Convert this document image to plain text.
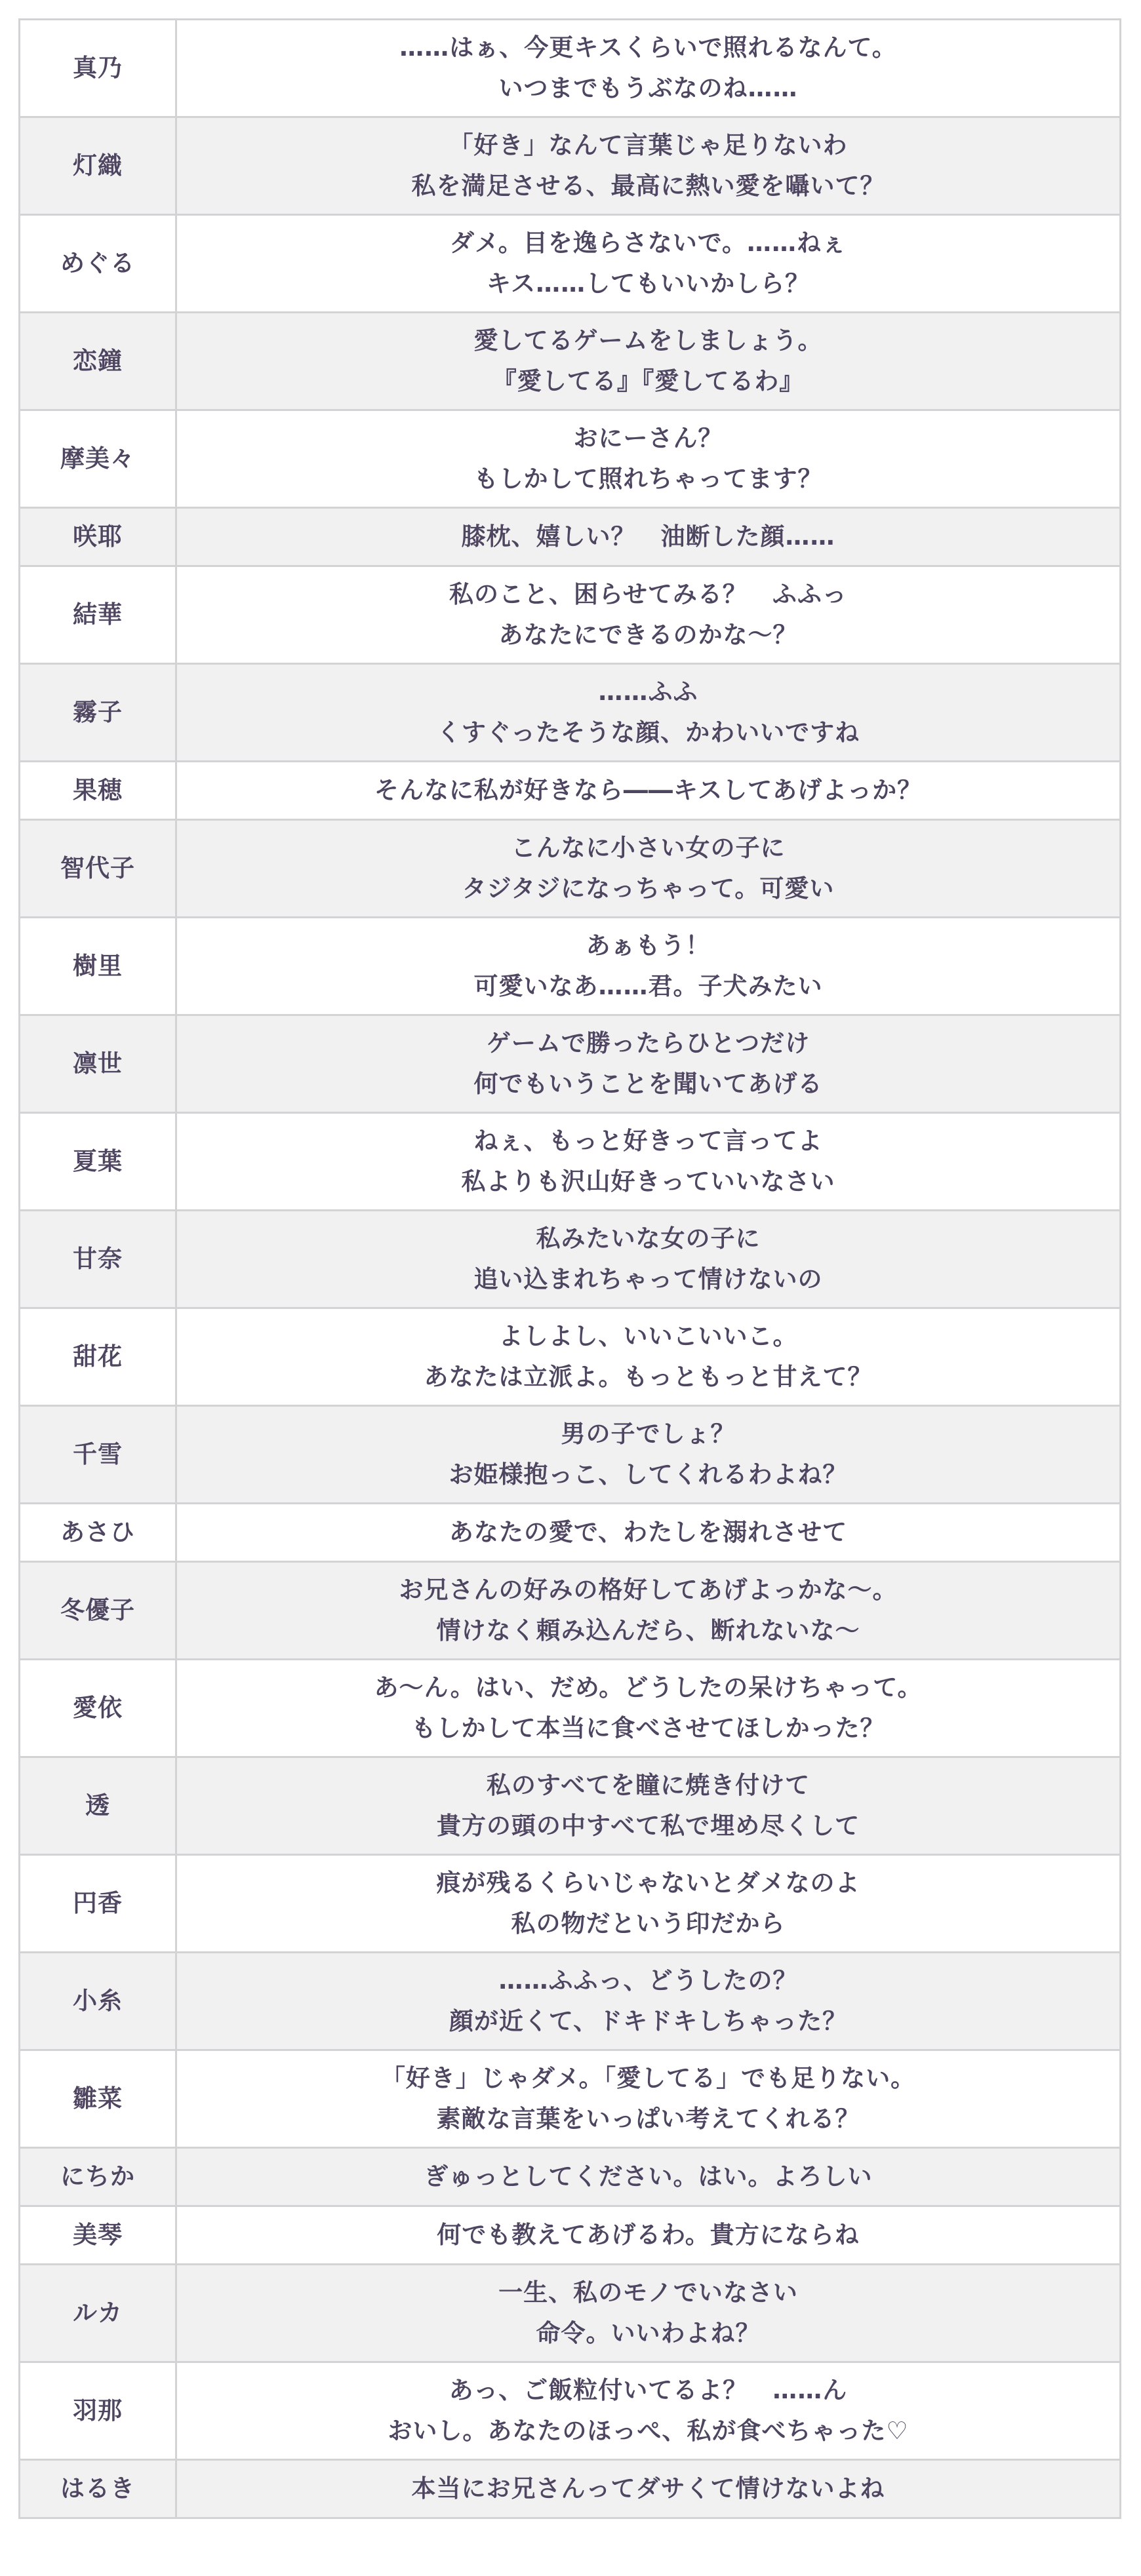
真乃	……はぁ、今更キスくらいで照れるなんて。
いつまでもうぶなのね……

灯織	「好き」なんて言葉じゃ足りないわ
私を満足させる、最高に熱い愛を囁いて？

めぐる	ダメ。目を逸らさないで。……ねぇ
キス……してもいいかしら？

恋鐘	愛してるゲームをしましょう。
『愛してる』『愛してるわ』

摩美々	おにーさん？
もしかして照れちゃってます？

咲耶	膝枕、嬉しい？　油断した顔……

結華	私のこと、困らせてみる？　ふふっ
あなたにできるのかな～？

霧子	……ふふ
くすぐったそうな顔、かわいいですね

果穂	そんなに私が好きなら――キスしてあげよっか？

智代子	こんなに小さい女の子に
タジタジになっちゃって。可愛い

樹里	あぁもう！
可愛いなあ……君。子犬みたい

凛世	ゲームで勝ったらひとつだけ
何でもいうことを聞いてあげる

夏葉	ねぇ、もっと好きって言ってよ
私よりも沢山好きっていいなさい

甘奈	私みたいな女の子に
追い込まれちゃって情けないの

甜花	よしよし、いいこいいこ。
あなたは立派よ。もっともっと甘えて？

千雪	男の子でしょ？
お姫様抱っこ、してくれるわよね？

あさひ	あなたの愛で、わたしを溺れさせて

冬優子	お兄さんの好みの格好してあげよっかな～。
情けなく頼み込んだら、断れないな～

愛依	あ～ん。はい、だめ。どうしたの呆けちゃって。
もしかして本当に食べさせてほしかった？

透	私のすべてを瞳に焼き付けて
貴方の頭の中すべて私で埋め尽くして

円香	痕が残るくらいじゃないとダメなのよ
私の物だという印だから

小糸	……ふふっ、どうしたの？
顔が近くて、ドキドキしちゃった？

雛菜	「好き」じゃダメ。「愛してる」でも足りない。
素敵な言葉をいっぱい考えてくれる？

にちか	ぎゅっとしてください。はい。よろしい

美琴	何でも教えてあげるわ。貴方にならね

ルカ	一生、私のモノでいなさい
命令。いいわよね？

羽那	あっ、ご飯粒付いてるよ？　……ん
おいし。あなたのほっぺ、私が食べちゃった♡

はるき	本当にお兄さんってダサくて情けないよね
